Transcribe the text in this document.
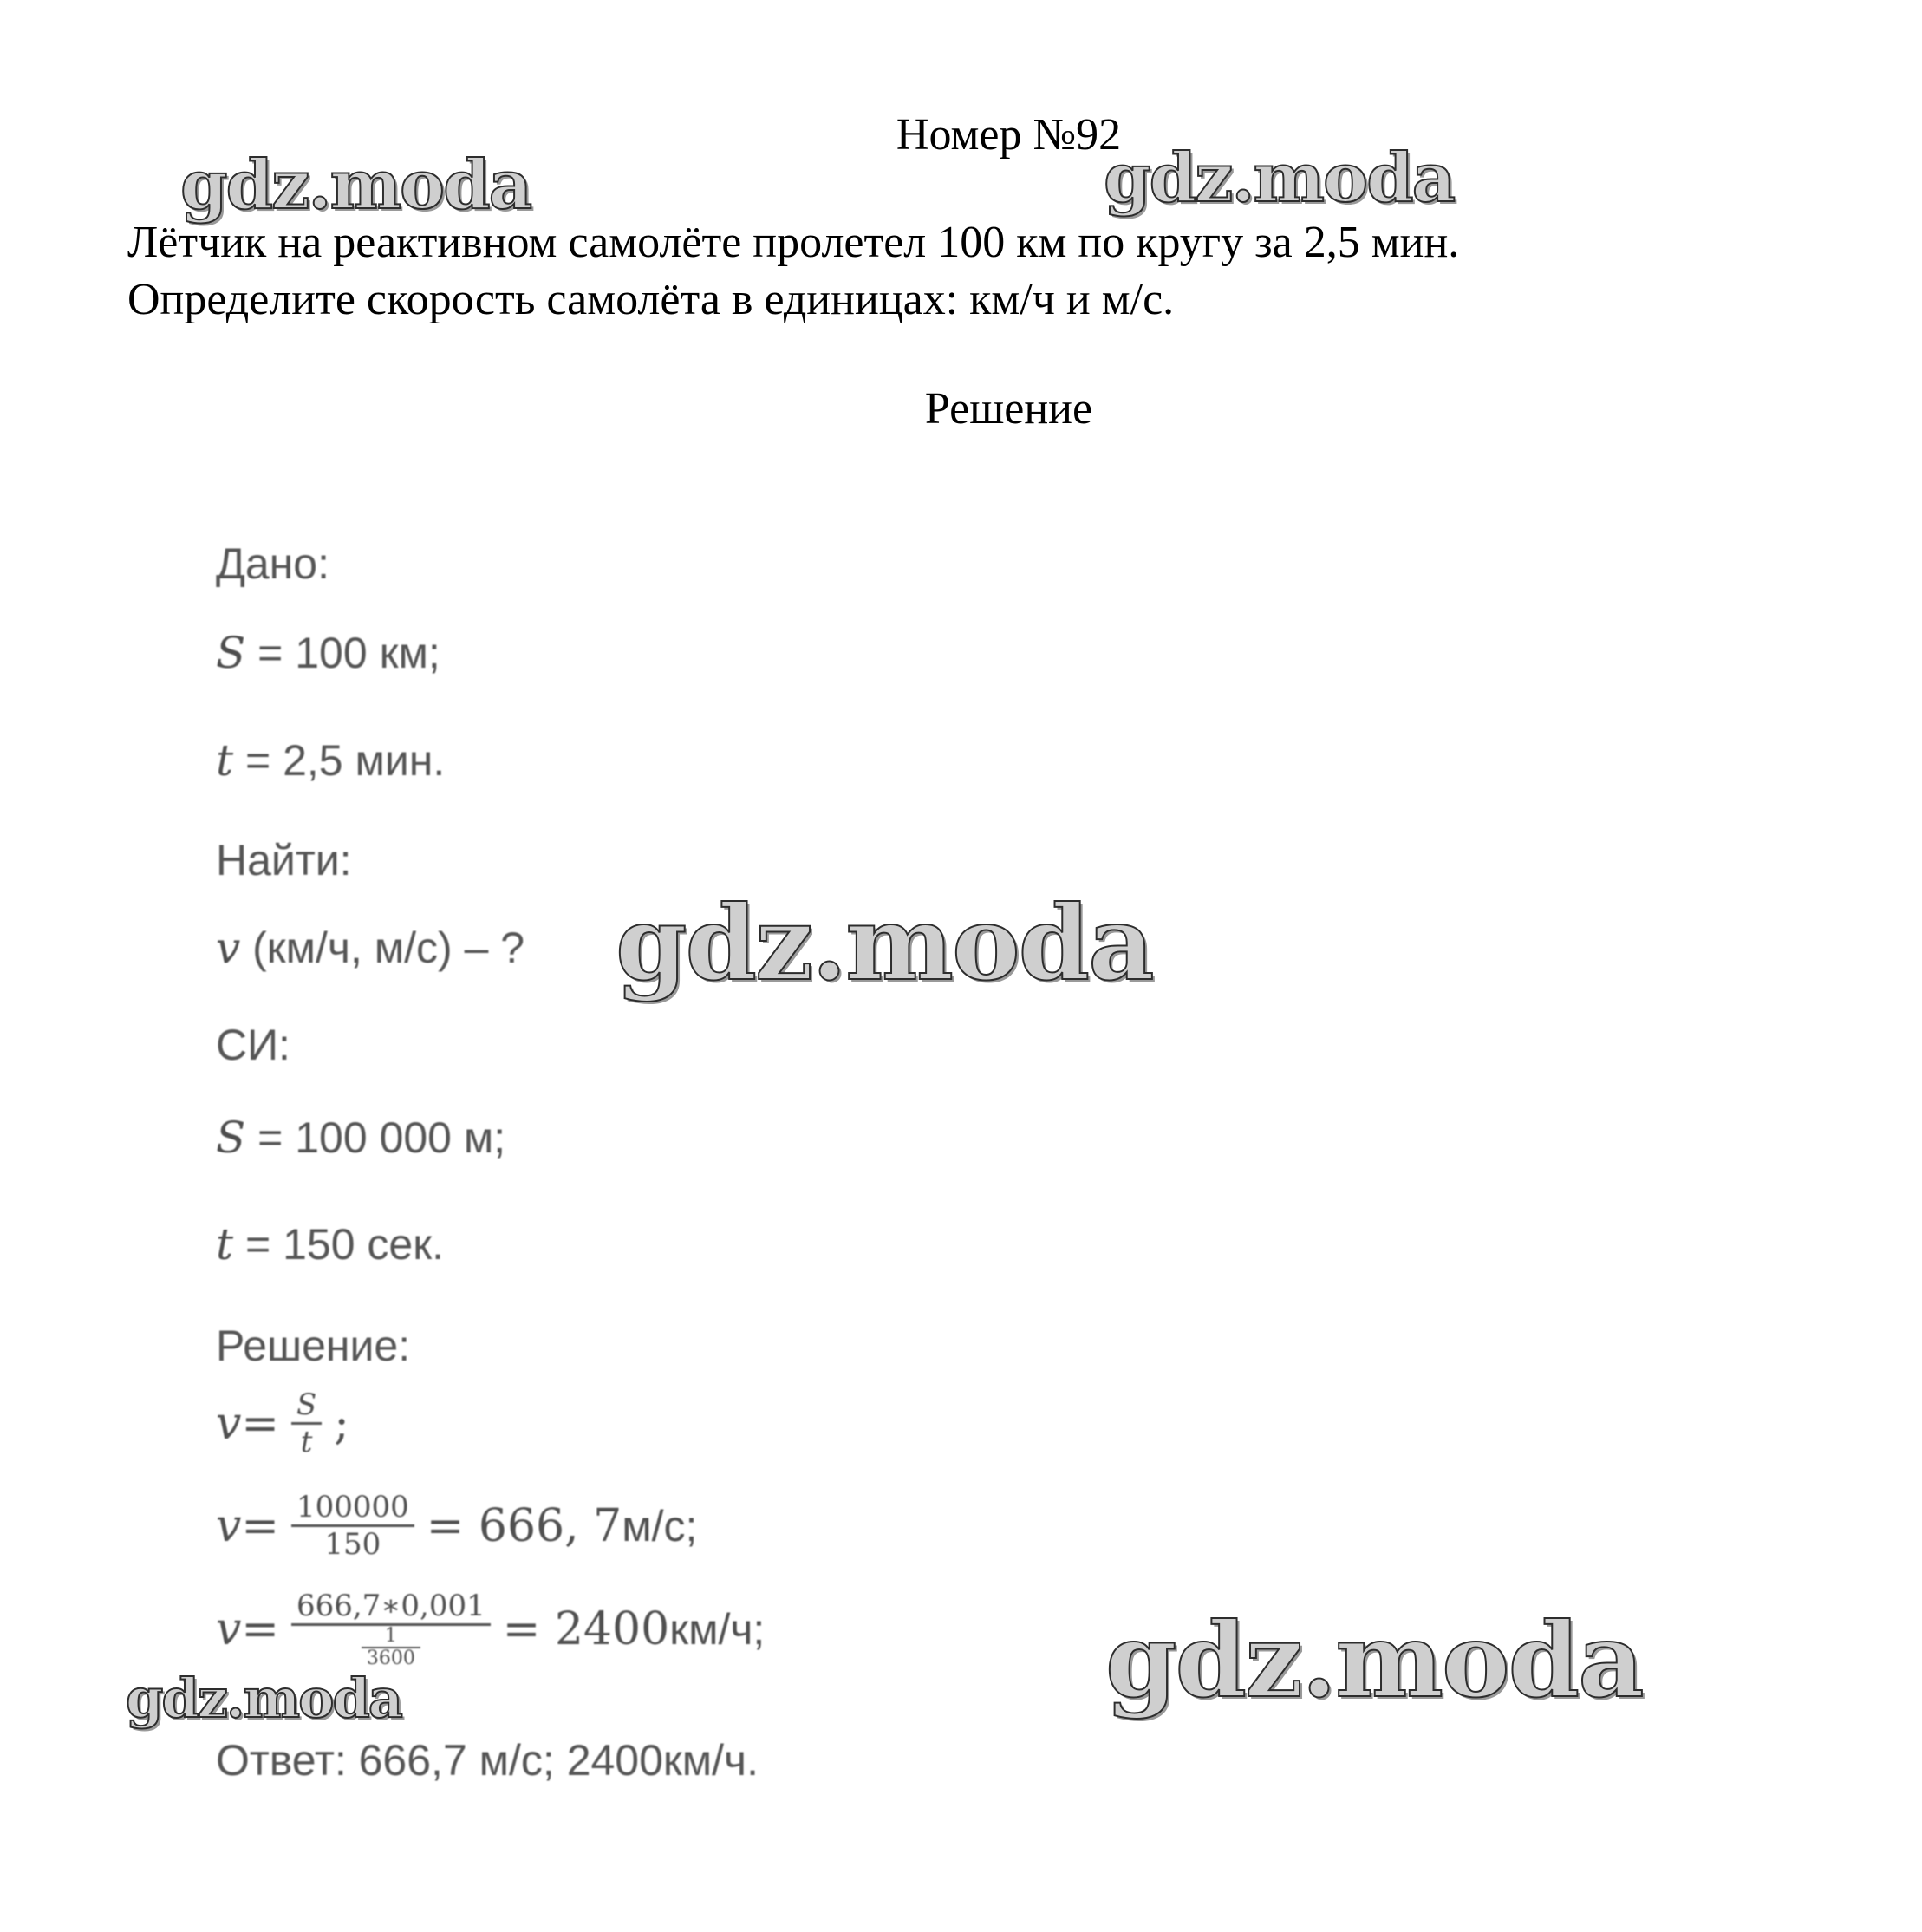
Номер №92
Лётчик на реактивном самолёте пролетел 100 км по кругу за 2,5 мин.
Определите скорость самолёта в единицах: км/ч и м/с.
Решение
Дано:
S = 100 км;
t = 2,5 мин.
Найти:
v (км/ч, м/с) – ?
СИ:
S = 100 000 м;
t = 150 сек.
Решение:
$v = \frac{S}{t}$ ;
$v = \frac{100000}{150} = 666$, 7 м/с;
$v = \frac{666,7∗0,001}{\frac{1}{3600}} = 2400$ км/ч;
Ответ: 666,7 м/с; 2400км/ч.
gdz.moda	gdz.moda
gdz.moda
gdz.moda
gdz.moda
